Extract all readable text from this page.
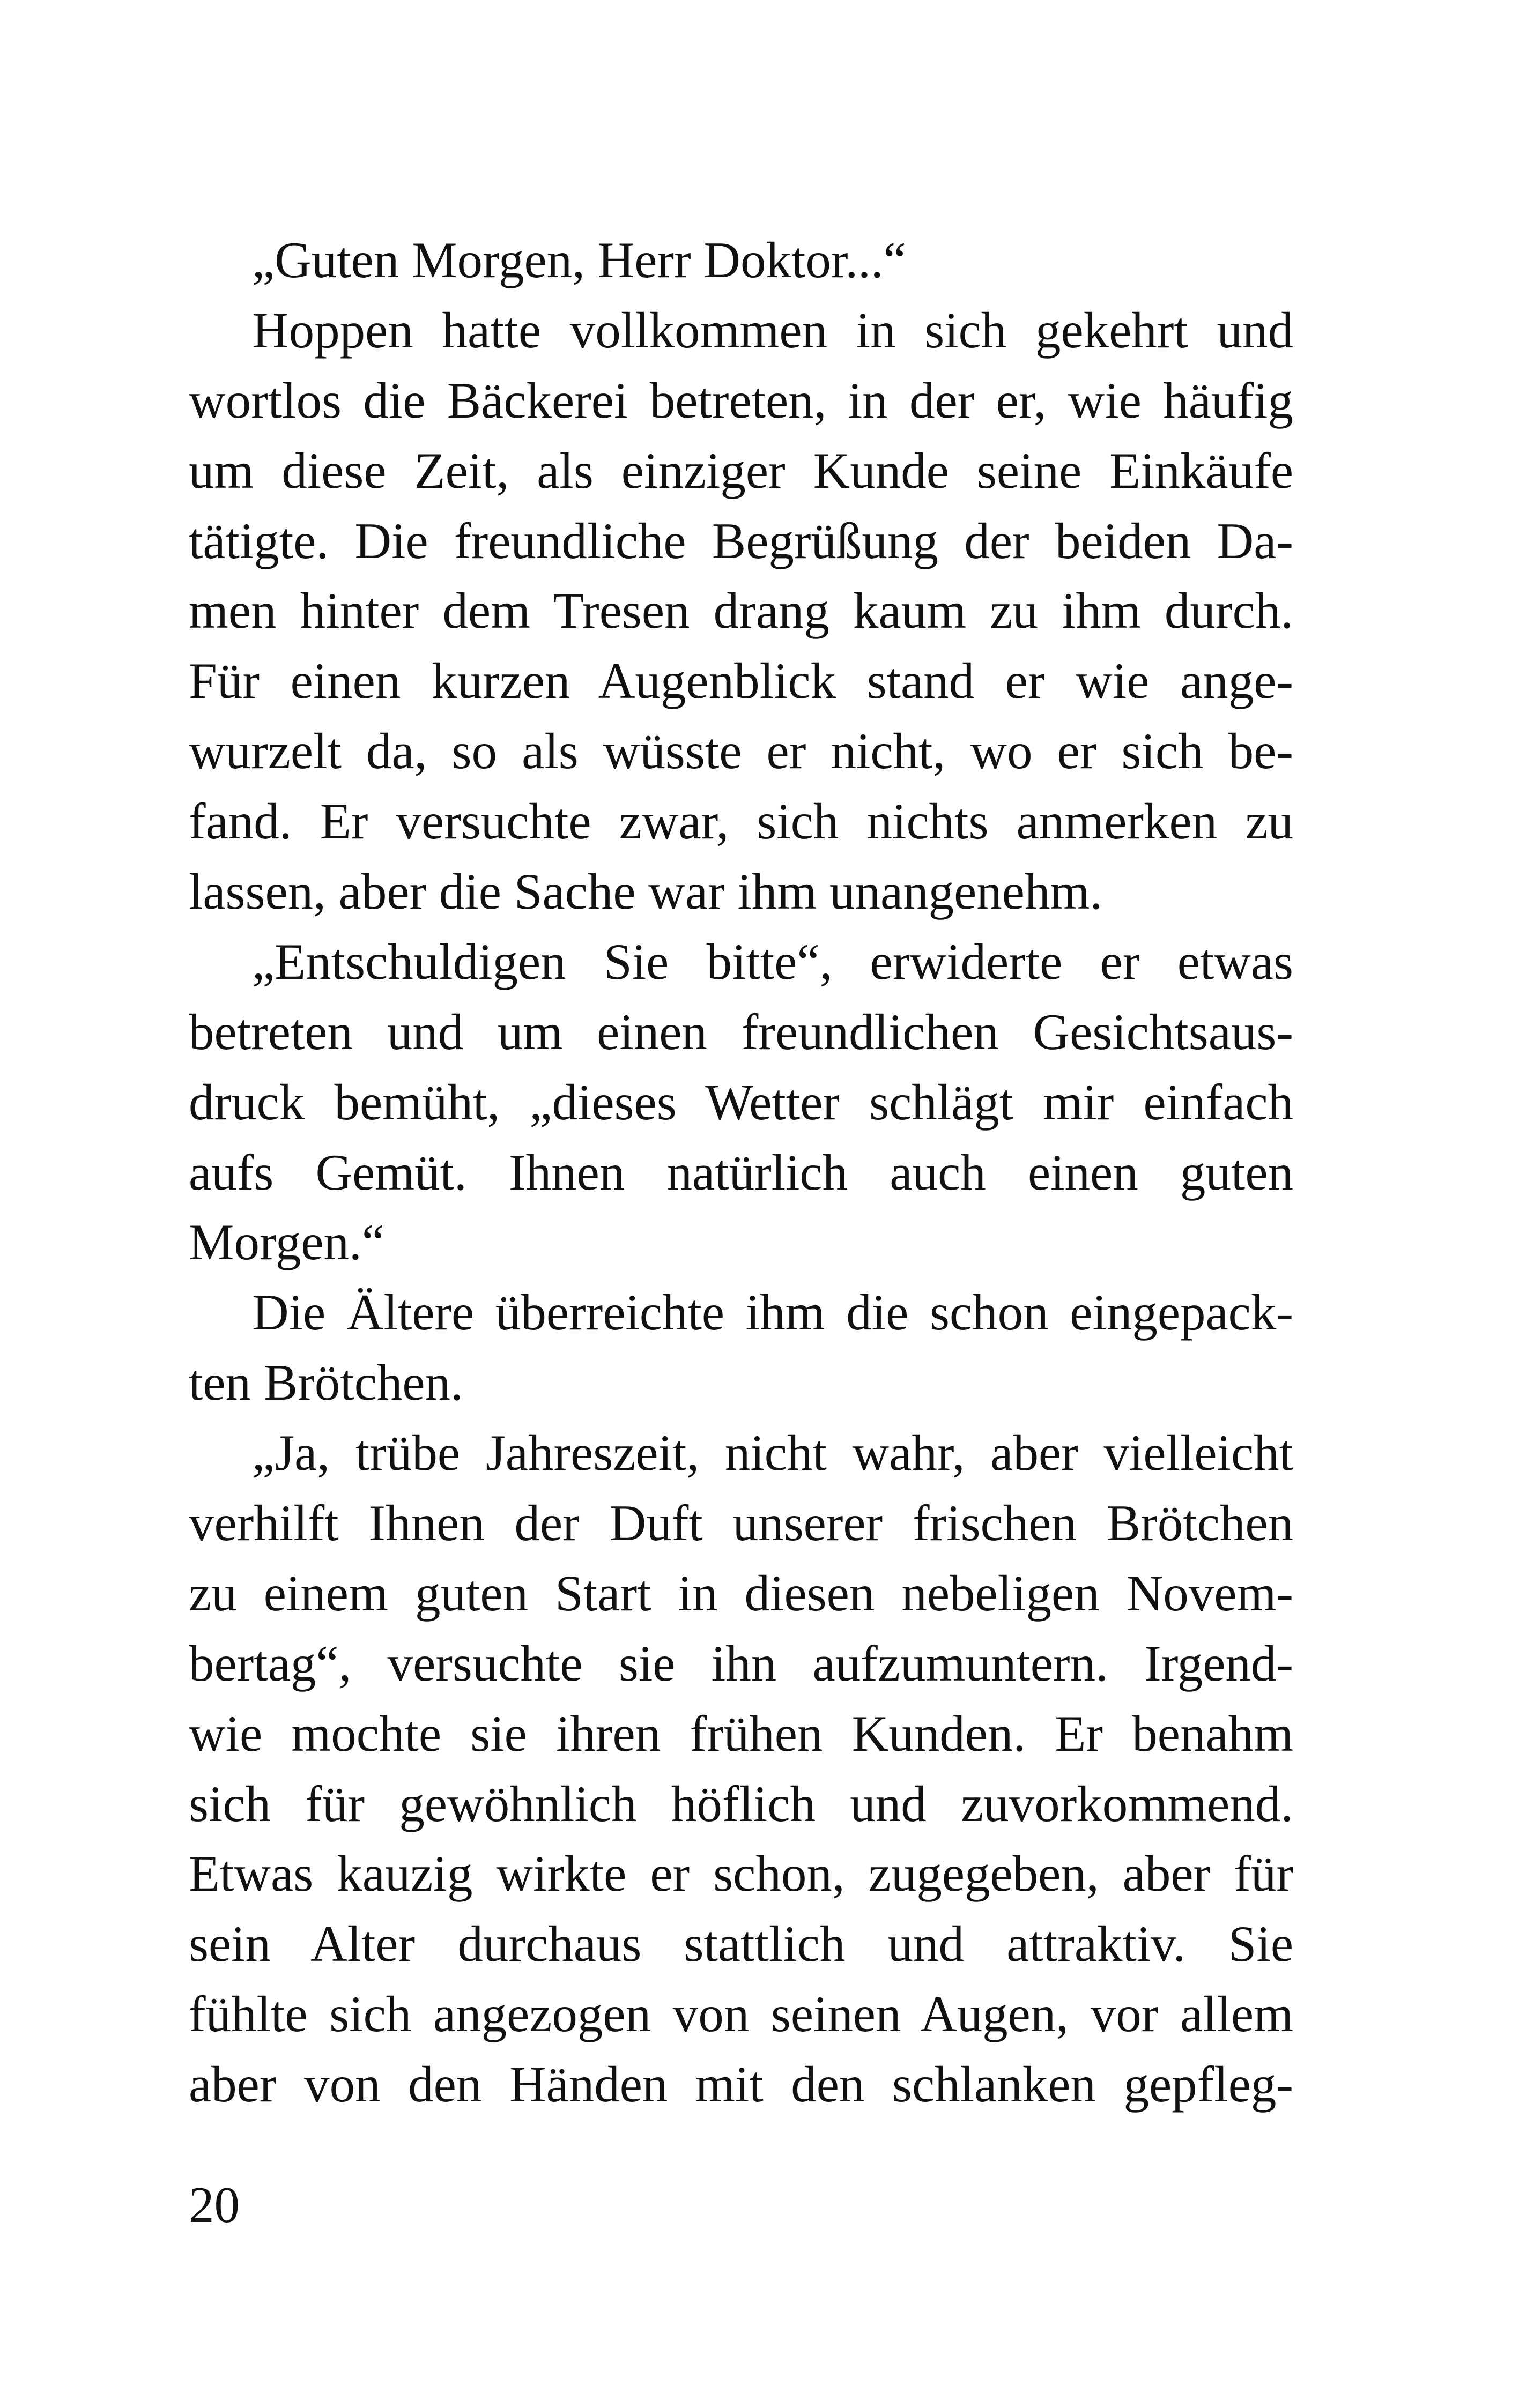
„Guten Morgen, Herr Doktor...“
Hoppen hatte vollkommen in sich gekehrt und
wortlos die Bäckerei betreten, in der er, wie häufig
um diese Zeit, als einziger Kunde seine Einkäufe
tätigte. Die freundliche Begrüßung der beiden Da-
men hinter dem Tresen drang kaum zu ihm durch.
Für einen kurzen Augenblick stand er wie ange-
wurzelt da, so als wüsste er nicht, wo er sich be-
fand. Er versuchte zwar, sich nichts anmerken zu
lassen, aber die Sache war ihm unangenehm.
„Entschuldigen Sie bitte“, erwiderte er etwas
betreten und um einen freundlichen Gesichtsaus-
druck bemüht, „dieses Wetter schlägt mir einfach
aufs Gemüt. Ihnen natürlich auch einen guten
Morgen.“
Die Ältere überreichte ihm die schon eingepack-
ten Brötchen.
„Ja, trübe Jahreszeit, nicht wahr, aber vielleicht
verhilft Ihnen der Duft unserer frischen Brötchen
zu einem guten Start in diesen nebeligen Novem-
bertag“, versuchte sie ihn aufzumuntern. Irgend-
wie mochte sie ihren frühen Kunden. Er benahm
sich für gewöhnlich höflich und zuvorkommend.
Etwas kauzig wirkte er schon, zugegeben, aber für
sein Alter durchaus stattlich und attraktiv. Sie
fühlte sich angezogen von seinen Augen, vor allem
aber von den Händen mit den schlanken gepfleg-
20
